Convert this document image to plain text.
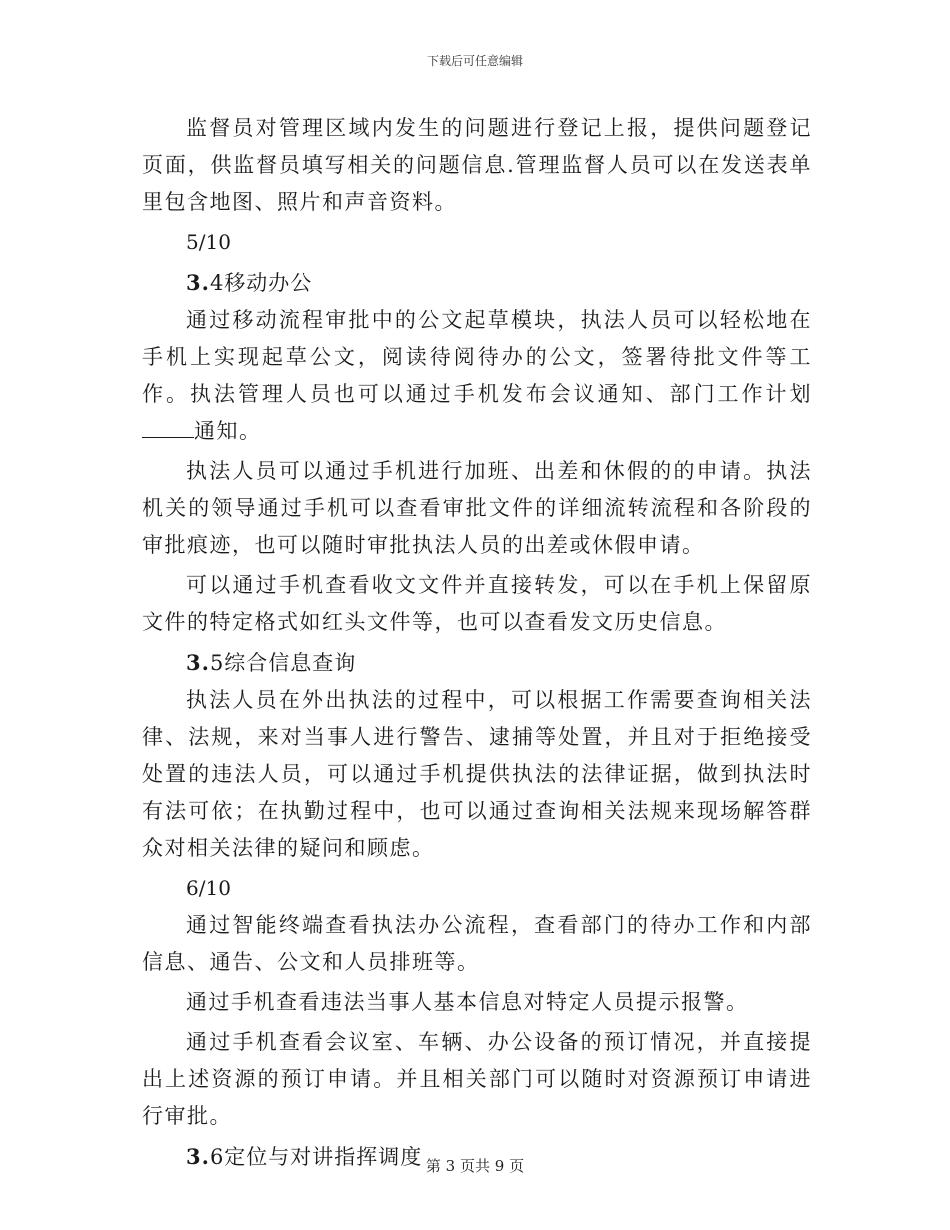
下载后可任意编辑

监督员对管理区域内发生的问题进行登记上报，提供问题登记页面，供监督员填写相关的问题信息.管理监督人员可以在发送表单里包含地图、照片和声音资料。

5/10
3.4移动办公

通过移动流程审批中的公文起草模块，执法人员可以轻松地在手机上实现起草公文，阅读待阅待办的公文，签署待批文件等工作。执法管理人员也可以通过手机发布会议通知、部门工作计划通知。

执法人员可以通过手机进行加班、出差和休假的的申请。执法机关的领导通过手机可以查看审批文件的详细流转流程和各阶段的审批痕迹，也可以随时审批执法人员的出差或休假申请。

可以通过手机查看收文文件并直接转发，可以在手机上保留原文件的特定格式如红头文件等，也可以查看发文历史信息。

3.5综合信息查询

执法人员在外出执法的过程中，可以根据工作需要查询相关法律、法规，来对当事人进行警告、逮捕等处置，并且对于拒绝接受处置的违法人员，可以通过手机提供执法的法律证据，做到执法时有法可依；在执勤过程中，也可以通过查询相关法规来现场解答群众对相关法律的疑问和顾虑。

6/10

通过智能终端查看执法办公流程，查看部门的待办工作和内部信息、通告、公文和人员排班等。

通过手机查看违法当事人基本信息对特定人员提示报警。

通过手机查看会议室、车辆、办公设备的预订情况，并直接提出上述资源的预订申请。并且相关部门可以随时对资源预订申请进行审批。

3.6定位与对讲指挥调度 第 3 页共 9 页
